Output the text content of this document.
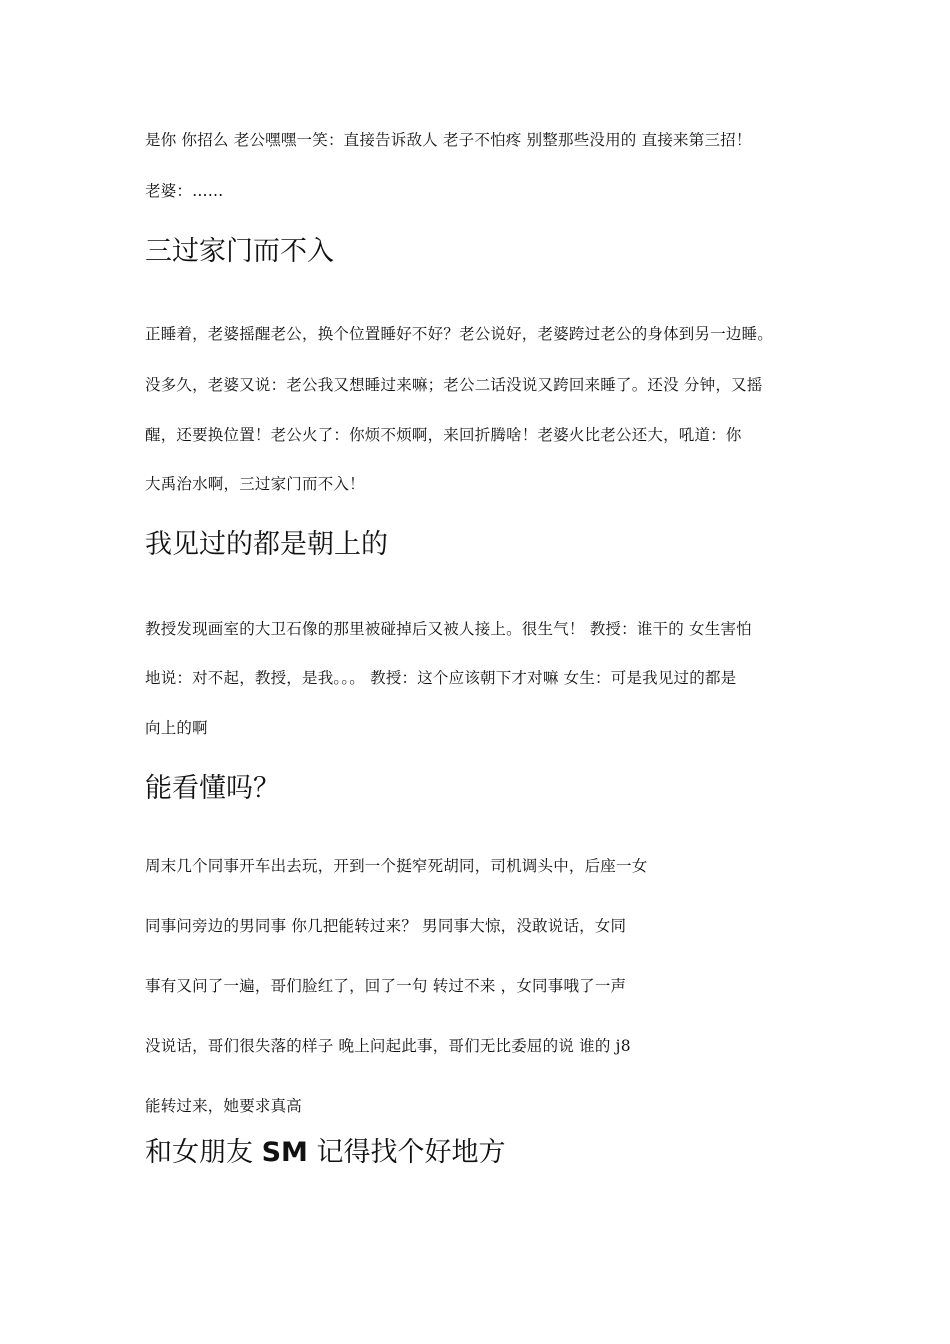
是你 你招么 老公嘿嘿一笑：直接告诉敌人 老子不怕疼 别整那些没用的 直接来第三招！
老婆：……
三过家门而不入
正睡着，老婆摇醒老公，换个位置睡好不好？老公说好，老婆跨过老公的身体到另一边睡。
没多久，老婆又说：老公我又想睡过来嘛；老公二话没说又跨回来睡了。还没 分钟，又摇
醒，还要换位置！老公火了：你烦不烦啊，来回折腾啥！老婆火比老公还大，吼道：你
大禹治水啊，三过家门而不入！
我见过的都是朝上的
教授发现画室的大卫石像的那里被碰掉后又被人接上。很生气！ 教授：谁干的 女生害怕
地说：对不起，教授，是我。。。 教授：这个应该朝下才对嘛 女生：可是我见过的都是
向上的啊
能看懂吗？
周末几个同事开车出去玩，开到一个挺窄死胡同，司机调头中，后座一女
同事问旁边的男同事 你几把能转过来？ 男同事大惊，没敢说话，女同
事有又问了一遍，哥们脸红了，回了一句 转过不来 ，女同事哦了一声
没说话，哥们很失落的样子 晚上问起此事，哥们无比委屈的说 谁的 j8
能转过来，她要求真高
和女朋友 SM 记得找个好地方
